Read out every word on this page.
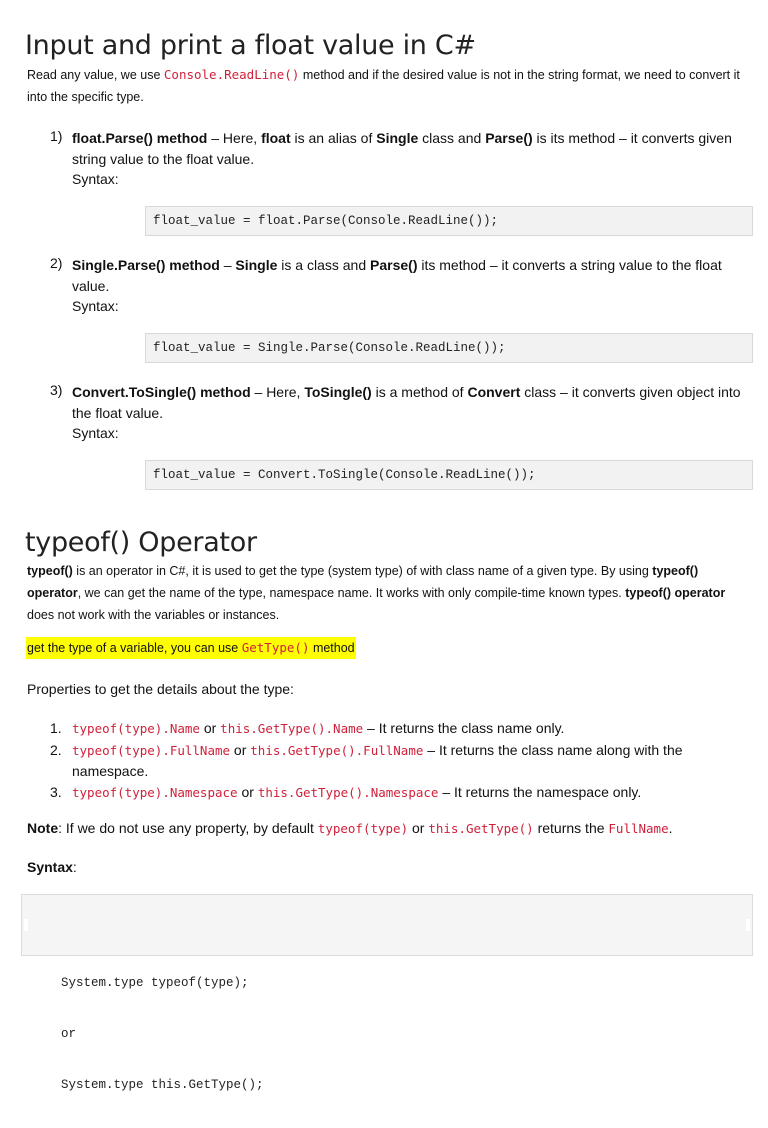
Input and print a float value in C#
Read any value, we use Console.ReadLine() method and if the desired value is not in the string format, we need to convert it into the specific type.
1) float.Parse() method – Here, float is an alias of Single class and Parse() is its method – it converts given string value to the float value.
Syntax:
float_value = float.Parse(Console.ReadLine());
2) Single.Parse() method – Single is a class and Parse() its method – it converts a string value to the float value.
Syntax:
float_value = Single.Parse(Console.ReadLine());
3) Convert.ToSingle() method – Here, ToSingle() is a method of Convert class – it converts given object into the float value.
Syntax:
float_value = Convert.ToSingle(Console.ReadLine());
typeof() Operator
typeof() is an operator in C#, it is used to get the type (system type) of with class name of a given type. By using typeof() operator, we can get the name of the type, namespace name. It works with only compile-time known types. typeof() operator does not work with the variables or instances.
get the type of a variable, you can use GetType() method
Properties to get the details about the type:
1. typeof(type).Name or this.GetType().Name – It returns the class name only.
2. typeof(type).FullName or this.GetType().FullName – It returns the class name along with the namespace.
3. typeof(type).Namespace or this.GetType().Namespace – It returns the namespace only.
Note: If we do not use any property, by default typeof(type) or this.GetType() returns the FullName.
Syntax:

System.type typeof(type);

or

System.type this.GetType();
